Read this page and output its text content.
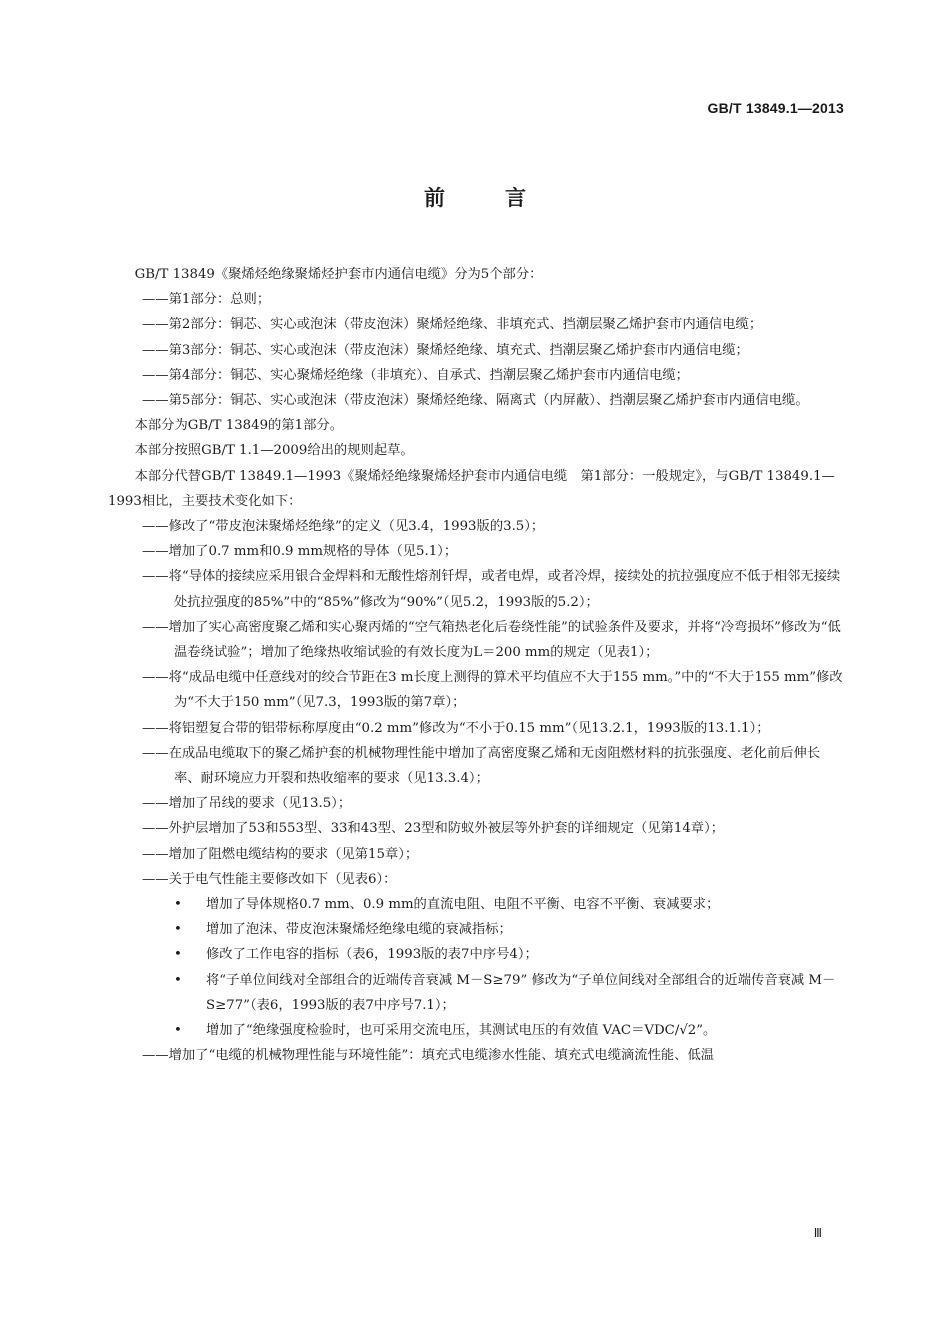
GB/T 13849.1—2013
前言

GB/T 13849《聚烯烃绝缘聚烯烃护套市内通信电缆》分为5个部分：

——第1部分：总则；

——第2部分：铜芯、实心或泡沫（带皮泡沫）聚烯烃绝缘、非填充式、挡潮层聚乙烯护套市内通信电缆；

——第3部分：铜芯、实心或泡沫（带皮泡沫）聚烯烃绝缘、填充式、挡潮层聚乙烯护套市内通信电缆；

——第4部分：铜芯、实心聚烯烃绝缘（非填充）、自承式、挡潮层聚乙烯护套市内通信电缆；

——第5部分：铜芯、实心或泡沫（带皮泡沫）聚烯烃绝缘、隔离式（内屏蔽）、挡潮层聚乙烯护套市内通信电缆。

本部分为GB/T 13849的第1部分。

本部分按照GB/T 1.1—2009给出的规则起草。

本部分代替GB/T 13849.1—1993《聚烯烃绝缘聚烯烃护套市内通信电缆　第1部分：一般规定》，与GB/T 13849.1—1993相比，主要技术变化如下：

——修改了“带皮泡沫聚烯烃绝缘”的定义（见3.4，1993版的3.5）；

——增加了0.7 mm和0.9 mm规格的导体（见5.1）；

——将“导体的接续应采用银合金焊料和无酸性熔剂钎焊，或者电焊，或者冷焊，接续处的抗拉强度应不低于相邻无接续处抗拉强度的85%”中的“85%”修改为“90%”（见5.2，1993版的5.2）；

——增加了实心高密度聚乙烯和实心聚丙烯的“空气箱热老化后卷绕性能”的试验条件及要求，并将“冷弯损坏”修改为“低温卷绕试验”；增加了绝缘热收缩试验的有效长度为L＝200 mm的规定（见表1）；

——将“成品电缆中任意线对的绞合节距在3 m长度上测得的算术平均值应不大于155 mm。”中的“不大于155 mm”修改为“不大于150 mm”（见7.3，1993版的第7章）；

——将铝塑复合带的铝带标称厚度由“0.2 mm”修改为“不小于0.15 mm”（见13.2.1，1993版的13.1.1）；

——在成品电缆取下的聚乙烯护套的机械物理性能中增加了高密度聚乙烯和无卤阻燃材料的抗张强度、老化前后伸长率、耐环境应力开裂和热收缩率的要求（见13.3.4）；

——增加了吊线的要求（见13.5）；

——外护层增加了53和553型、33和43型、23型和防蚁外被层等外护套的详细规定（见第14章）；

——增加了阻燃电缆结构的要求（见第15章）；

——关于电气性能主要修改如下（见表6）：

• 增加了导体规格0.7 mm、0.9 mm的直流电阻、电阻不平衡、电容不平衡、衰减要求；

• 增加了泡沫、带皮泡沫聚烯烃绝缘电缆的衰减指标；

• 修改了工作电容的指标（表6，1993版的表7中序号4）；

• 将“子单位间线对全部组合的近端传音衰减 M－S≥79” 修改为“子单位间线对全部组合的近端传音衰减 M－S≥77”（表6，1993版的表7中序号7.1）；

• 增加了“绝缘强度检验时，也可采用交流电压，其测试电压的有效值 VAC＝VDC/√2”。

——增加了“电缆的机械物理性能与环境性能”：填充式电缆渗水性能、填充式电缆滴流性能、低温

Ⅲ
